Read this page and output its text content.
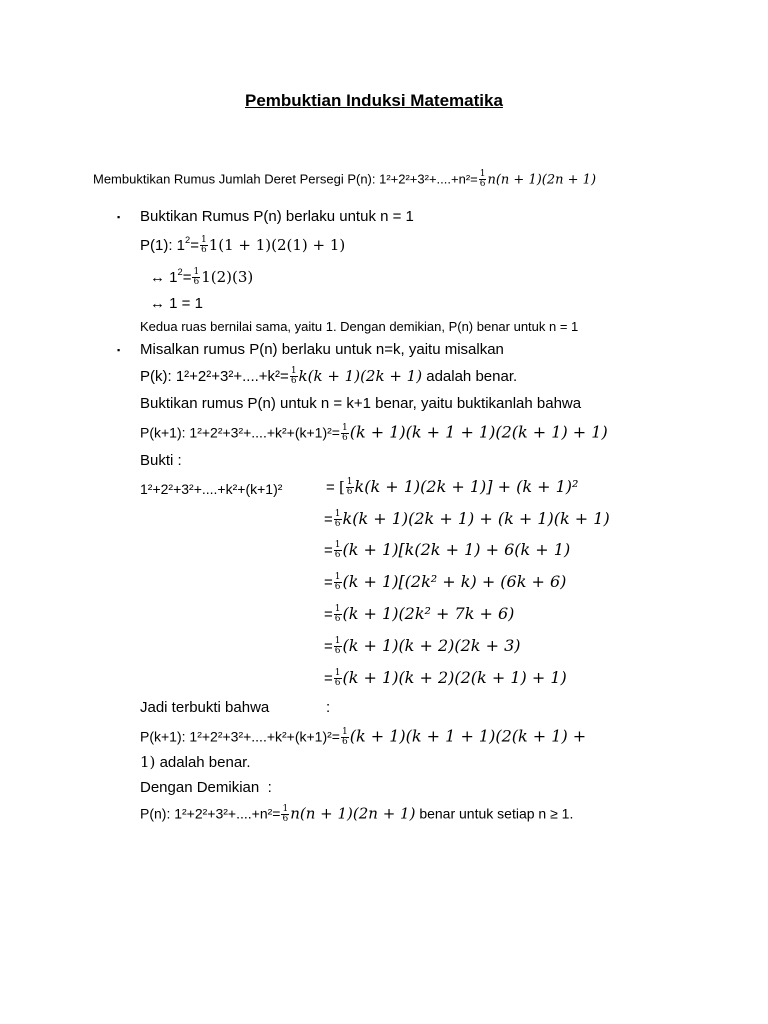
Pembuktian Induksi Matematika
Membuktikan Rumus Jumlah Deret Persegi P(n): $1^2+2^2+3^2+....+n^2= \frac{1}{6} n(n + 1)(2n + 1)$
▪ Buktikan Rumus P(n) berlaku untuk n = 1
P(1): $1^2= \frac{1}{6} 1(1 + 1)(2(1) + 1)$
↔ $1^2= \frac{1}{6} 1(2)(3)$
↔ 1 = 1
Kedua ruas bernilai sama, yaitu 1. Dengan demikian, P(n) benar untuk n = 1
▪ Misalkan rumus P(n) berlaku untuk n=k, yaitu misalkan
P(k): $1^2+2^2+3^2+....+k^2= \frac{1}{6} k(k + 1)(2k + 1)$ adalah benar.
Buktikan rumus P(n) untuk n = k+1 benar, yaitu buktikanlah bahwa
P(k+1): $1^2+2^2+3^2+....+k^2+(k+1)^2= \frac{1}{6} (k + 1)(k + 1 + 1)(2(k + 1) + 1)$
Bukti :
1²+2²+3²+....+k²+(k+1)²	= [ $\frac{1}{6} k(k + 1)(2k + 1)] + (k + 1)^2$
= $\frac{1}{6} k(k + 1)(2k + 1) + (k + 1)(k + 1)$
= $\frac{1}{6} (k + 1)[k(2k + 1) + 6(k + 1)$
= $\frac{1}{6} (k + 1)[(2k^2 + k) + (6k + 6)$
= $\frac{1}{6} (k + 1)(2k^2 + 7k + 6)$
= $\frac{1}{6} (k + 1)(k + 2)(2k + 3)$
= $\frac{1}{6} (k + 1)(k + 2)(2(k + 1) + 1)$
Jadi terbukti bahwa	:
P(k+1): $1^2+2^2+3^2+....+k^2+(k+1)^2= \frac{1}{6} (k + 1)(k + 1 + 1)(2(k + 1)$ +
1) adalah benar.
Dengan Demikian :
P(n): $1^2+2^2+3^2+....+n^2= \frac{1}{6} n(n + 1)(2n + 1)$ benar untuk setiap n ≥ 1.
